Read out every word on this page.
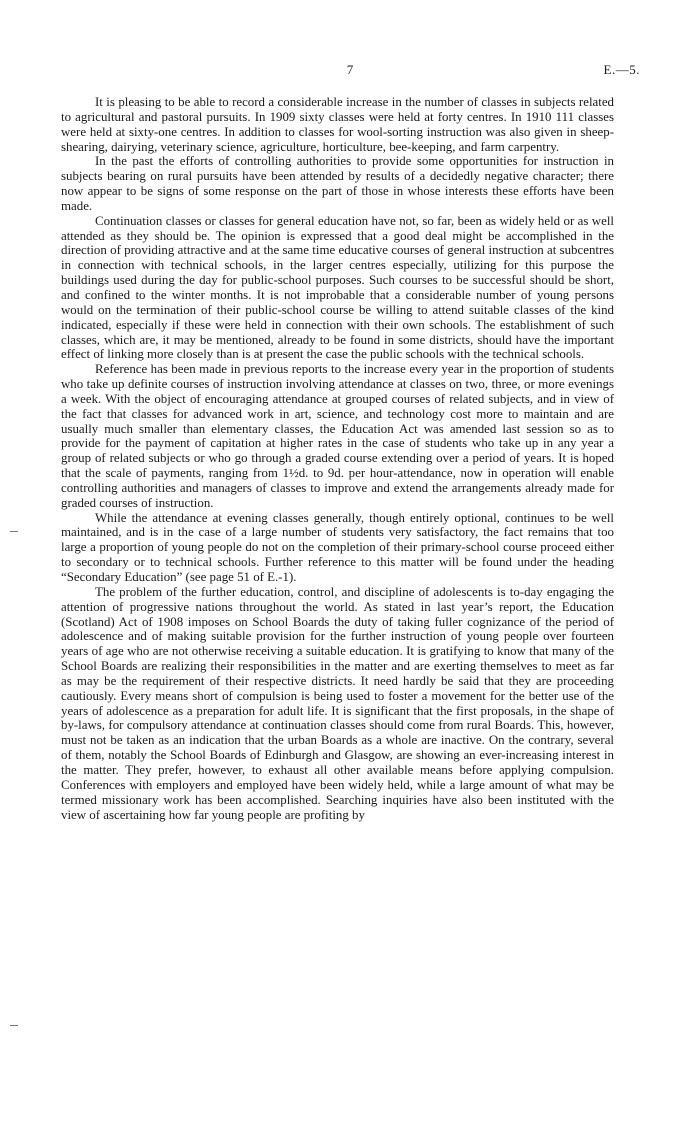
7	E.—5.

It is pleasing to be able to record a considerable increase in the number of classes in subjects related to agricultural and pastoral pursuits. In 1909 sixty classes were held at forty centres. In 1910 111 classes were held at sixty-one centres. In addition to classes for wool-sorting instruction was also given in sheep-shearing, dairying, veterinary science, agriculture, horticulture, bee-keeping, and farm carpentry.

In the past the efforts of controlling authorities to provide some opportunities for instruction in subjects bearing on rural pursuits have been attended by results of a decidedly negative character; there now appear to be signs of some response on the part of those in whose interests these efforts have been made.

Continuation classes or classes for general education have not, so far, been as widely held or as well attended as they should be. The opinion is expressed that a good deal might be accomplished in the direction of providing attractive and at the same time educative courses of general instruction at subcentres in connection with technical schools, in the larger centres especially, utilizing for this purpose the buildings used during the day for public-school purposes. Such courses to be successful should be short, and confined to the winter months. It is not improbable that a considerable number of young persons would on the termination of their public-school course be willing to attend suitable classes of the kind indicated, especially if these were held in connection with their own schools. The establishment of such classes, which are, it may be mentioned, already to be found in some districts, should have the important effect of linking more closely than is at present the case the public schools with the technical schools.

Reference has been made in previous reports to the increase every year in the proportion of students who take up definite courses of instruction involving attendance at classes on two, three, or more evenings a week. With the object of encouraging attendance at grouped courses of related subjects, and in view of the fact that classes for advanced work in art, science, and technology cost more to maintain and are usually much smaller than elementary classes, the Education Act was amended last session so as to provide for the payment of capitation at higher rates in the case of students who take up in any year a group of related subjects or who go through a graded course extending over a period of years. It is hoped that the scale of payments, ranging from 1½d. to 9d. per hour-attendance, now in operation will enable controlling authorities and managers of classes to improve and extend the arrangements already made for graded courses of instruction.

While the attendance at evening classes generally, though entirely optional, continues to be well maintained, and is in the case of a large number of students very satisfactory, the fact remains that too large a proportion of young people do not on the completion of their primary-school course proceed either to secondary or to technical schools. Further reference to this matter will be found under the heading “Secondary Education” (see page 51 of E.-1).

The problem of the further education, control, and discipline of adolescents is to-day engaging the attention of progressive nations throughout the world. As stated in last year’s report, the Education (Scotland) Act of 1908 imposes on School Boards the duty of taking fuller cognizance of the period of adolescence and of making suitable provision for the further instruction of young people over fourteen years of age who are not otherwise receiving a suitable education. It is gratifying to know that many of the School Boards are realizing their responsibilities in the matter and are exerting themselves to meet as far as may be the requirement of their respective districts. It need hardly be said that they are proceeding cautiously. Every means short of compulsion is being used to foster a movement for the better use of the years of adolescence as a preparation for adult life. It is significant that the first proposals, in the shape of by-laws, for compulsory attendance at continuation classes should come from rural Boards. This, however, must not be taken as an indication that the urban Boards as a whole are inactive. On the contrary, several of them, notably the School Boards of Edinburgh and Glasgow, are showing an ever-increasing interest in the matter. They prefer, however, to exhaust all other available means before applying compulsion. Conferences with employers and employed have been widely held, while a large amount of what may be termed missionary work has been accomplished. Searching inquiries have also been instituted with the view of ascertaining how far young people are profiting by
